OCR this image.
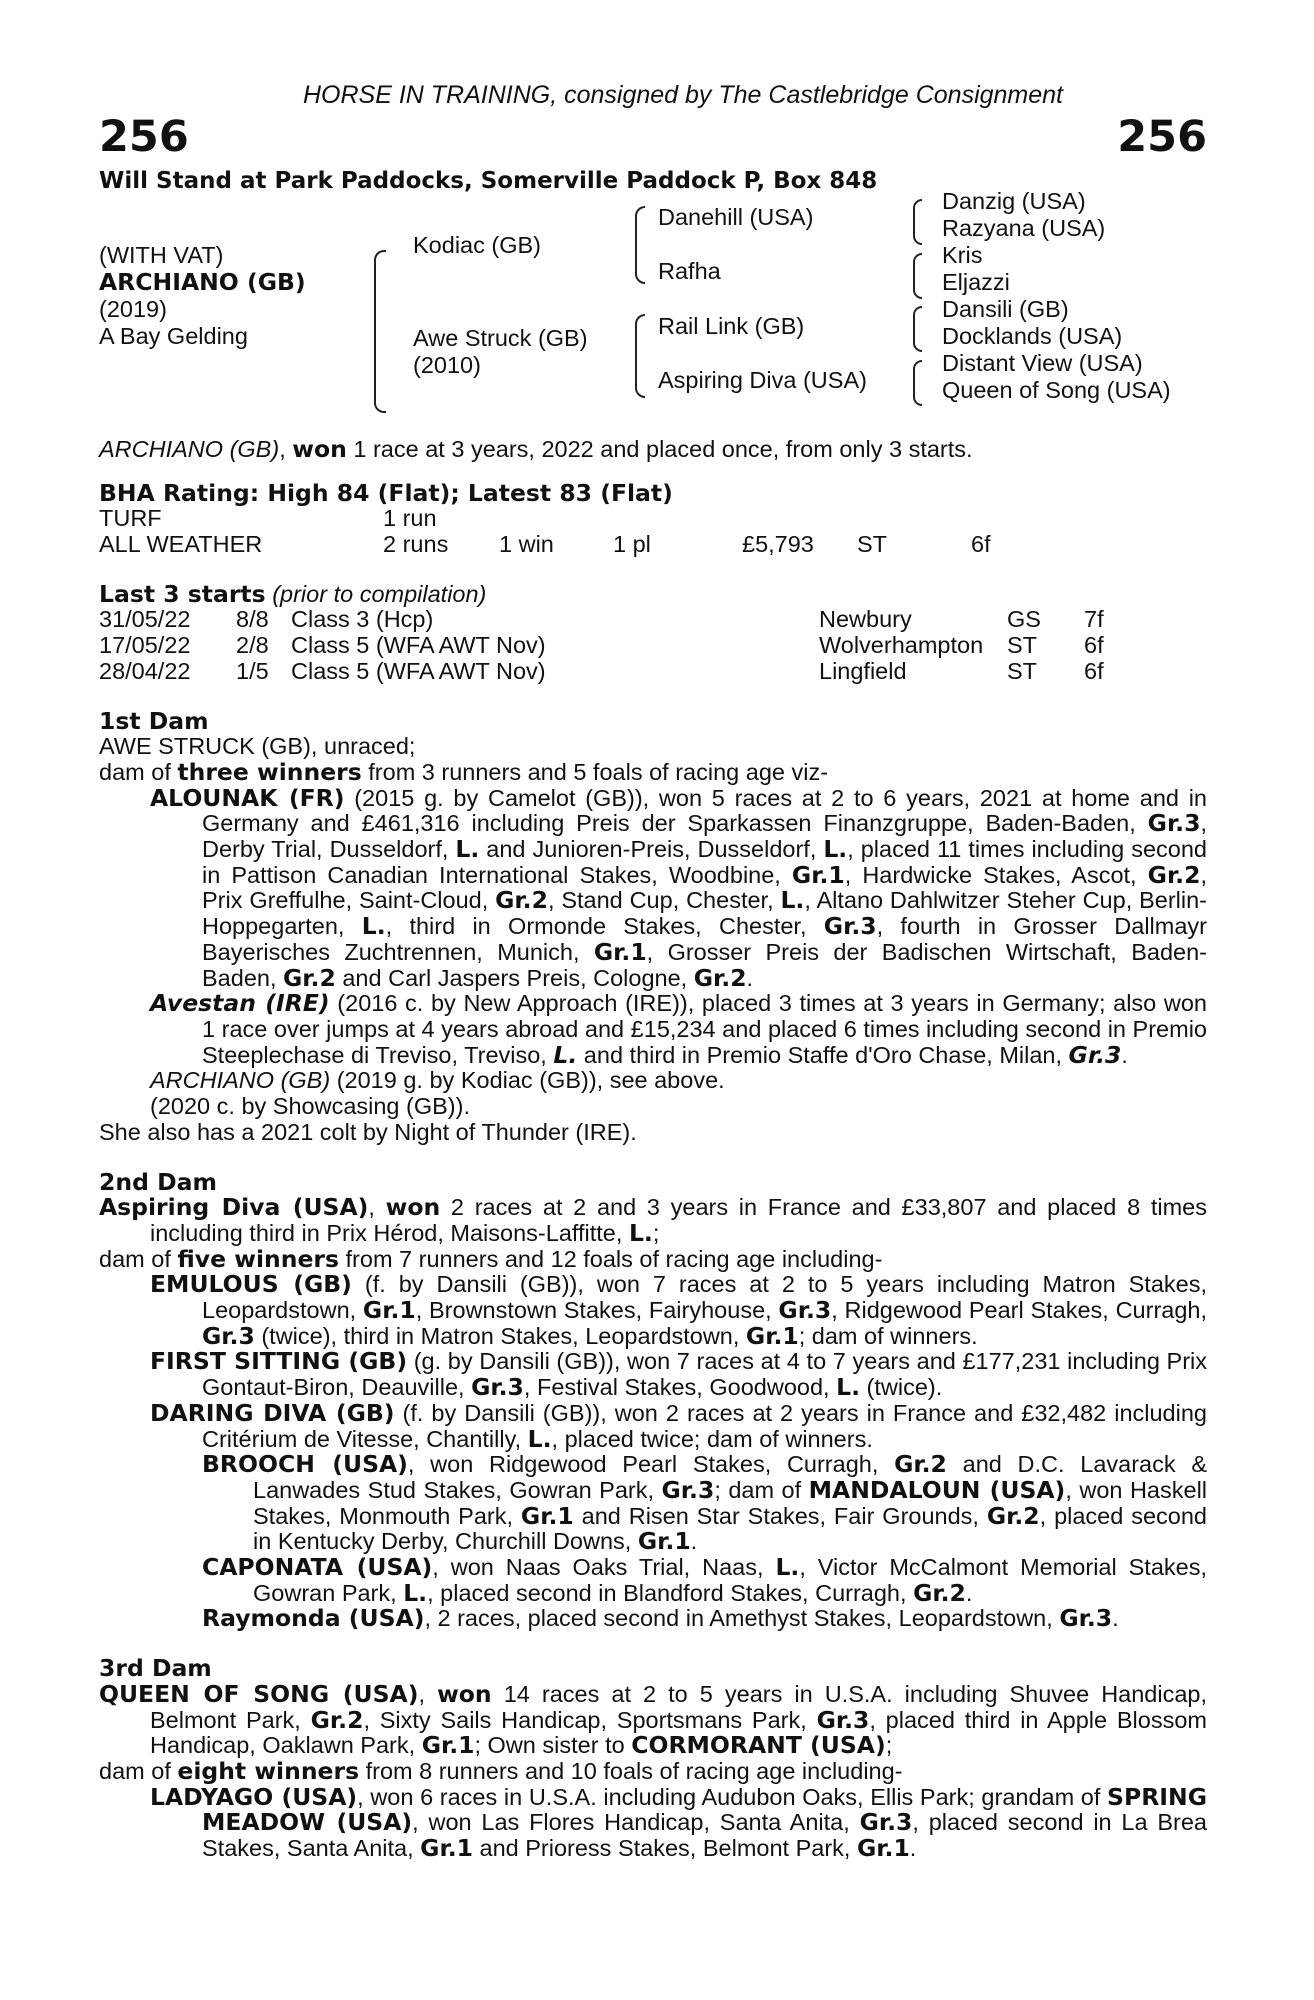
HORSE IN TRAINING, consigned by The Castlebridge Consignment
256	256
Will Stand at Park Paddocks, Somerville Paddock P, Box 848
(WITH VAT)
ARCHIANO (GB)
(2019)
A Bay Gelding
Kodiac (GB)
Awe Struck (GB)
(2010)
Danehill (USA)
Rafha
Rail Link (GB)
Aspiring Diva (USA)
Danzig (USA)
Razyana (USA)
Kris
Eljazzi
Dansili (GB)
Docklands (USA)
Distant View (USA)
Queen of Song (USA)

ARCHIANO (GB), won 1 race at 3 years, 2022 and placed once, from only 3 starts.

BHA Rating: High 84 (Flat); Latest 83 (Flat)

TURF	1 run
ALL WEATHER	2 runs 1 win	1 pl	£5,793 ST	6f

Last 3 starts (prior to compilation)

31/05/22 8/8 Class 3 (Hcp)	Newbury	GS 7f
17/05/22 2/8 Class 5 (WFA AWT Nov)	Wolverhampton ST 6f
28/04/22 1/5 Class 5 (WFA AWT Nov)	Lingfield	ST 6f

1st Dam

AWE STRUCK (GB), unraced;

dam of three winners from 3 runners and 5 foals of racing age viz-

ALOUNAK (FR) (2015 g. by Camelot (GB)), won 5 races at 2 to 6 years, 2021 at home and in Germany and £461,316 including Preis der Sparkassen Finanzgruppe, Baden-Baden, Gr.3, Derby Trial, Dusseldorf, L. and Junioren-Preis, Dusseldorf, L., placed 11 times including second in Pattison Canadian International Stakes, Woodbine, Gr.1, Hardwicke Stakes, Ascot, Gr.2, Prix Greffulhe, Saint-Cloud, Gr.2, Stand Cup, Chester, L., Altano Dahlwitzer Steher Cup, Berlin-Hoppegarten, L., third in Ormonde Stakes, Chester, Gr.3, fourth in Grosser Dallmayr Bayerisches Zuchtrennen, Munich, Gr.1, Grosser Preis der Badischen Wirtschaft, Baden-Baden, Gr.2 and Carl Jaspers Preis, Cologne, Gr.2.

Avestan (IRE) (2016 c. by New Approach (IRE)), placed 3 times at 3 years in Germany; also won 1 race over jumps at 4 years abroad and £15,234 and placed 6 times including second in Premio Steeplechase di Treviso, Treviso, L. and third in Premio Staffe d'Oro Chase, Milan, Gr.3.

ARCHIANO (GB) (2019 g. by Kodiac (GB)), see above.

(2020 c. by Showcasing (GB)).

She also has a 2021 colt by Night of Thunder (IRE).

2nd Dam

Aspiring Diva (USA), won 2 races at 2 and 3 years in France and £33,807 and placed 8 times including third in Prix Hérod, Maisons-Laffitte, L.;

dam of five winners from 7 runners and 12 foals of racing age including-

EMULOUS (GB) (f. by Dansili (GB)), won 7 races at 2 to 5 years including Matron Stakes, Leopardstown, Gr.1, Brownstown Stakes, Fairyhouse, Gr.3, Ridgewood Pearl Stakes, Curragh, Gr.3 (twice), third in Matron Stakes, Leopardstown, Gr.1; dam of winners.

FIRST SITTING (GB) (g. by Dansili (GB)), won 7 races at 4 to 7 years and £177,231 including Prix Gontaut-Biron, Deauville, Gr.3, Festival Stakes, Goodwood, L. (twice).

DARING DIVA (GB) (f. by Dansili (GB)), won 2 races at 2 years in France and £32,482 including Critérium de Vitesse, Chantilly, L., placed twice; dam of winners.

BROOCH (USA), won Ridgewood Pearl Stakes, Curragh, Gr.2 and D.C. Lavarack & Lanwades Stud Stakes, Gowran Park, Gr.3; dam of MANDALOUN (USA), won Haskell Stakes, Monmouth Park, Gr.1 and Risen Star Stakes, Fair Grounds, Gr.2, placed second in Kentucky Derby, Churchill Downs, Gr.1.

CAPONATA (USA), won Naas Oaks Trial, Naas, L., Victor McCalmont Memorial Stakes, Gowran Park, L., placed second in Blandford Stakes, Curragh, Gr.2.

Raymonda (USA), 2 races, placed second in Amethyst Stakes, Leopardstown, Gr.3.

3rd Dam

QUEEN OF SONG (USA), won 14 races at 2 to 5 years in U.S.A. including Shuvee Handicap, Belmont Park, Gr.2, Sixty Sails Handicap, Sportsmans Park, Gr.3, placed third in Apple Blossom Handicap, Oaklawn Park, Gr.1; Own sister to CORMORANT (USA);

dam of eight winners from 8 runners and 10 foals of racing age including-

LADYAGO (USA), won 6 races in U.S.A. including Audubon Oaks, Ellis Park; grandam of SPRING MEADOW (USA), won Las Flores Handicap, Santa Anita, Gr.3, placed second in La Brea Stakes, Santa Anita, Gr.1 and Prioress Stakes, Belmont Park, Gr.1.
